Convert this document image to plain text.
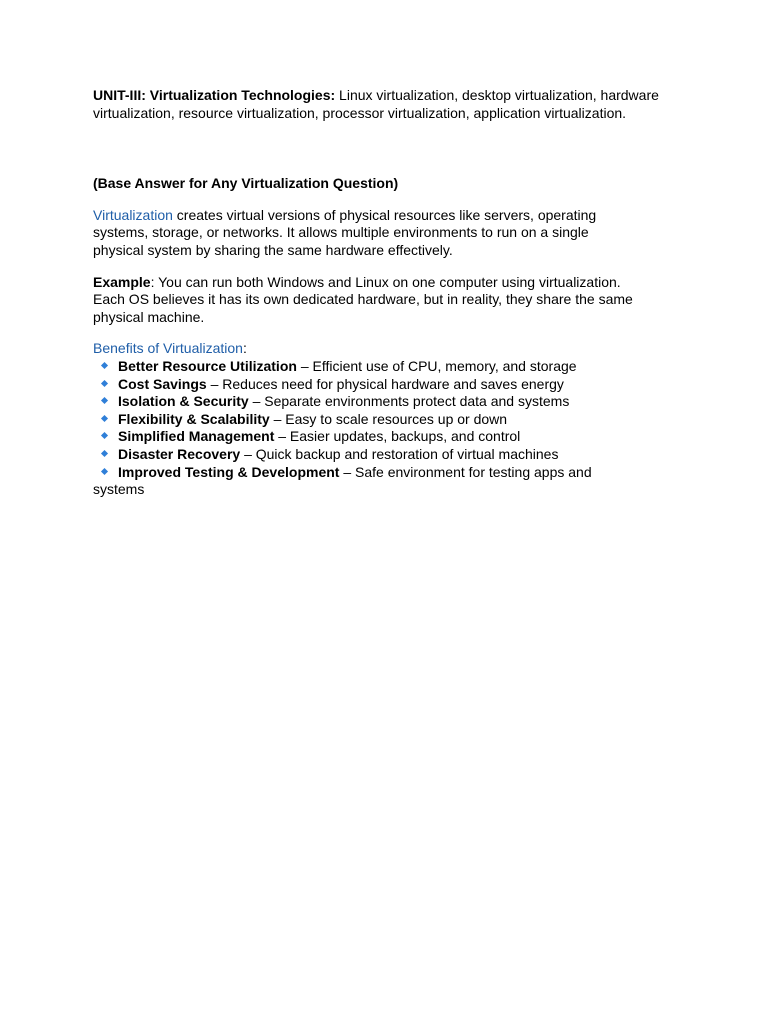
UNIT-III: Virtualization Technologies: Linux virtualization, desktop virtualization, hardware virtualization, resource virtualization, processor virtualization, application virtualization.

(Base Answer for Any Virtualization Question)

Virtualization creates virtual versions of physical resources like servers, operating systems, storage, or networks. It allows multiple environments to run on a single physical system by sharing the same hardware effectively.

Example: You can run both Windows and Linux on one computer using virtualization. Each OS believes it has its own dedicated hardware, but in reality, they share the same physical machine.

Benefits of Virtualization:

Better Resource Utilization – Efficient use of CPU, memory, and storage
Cost Savings – Reduces need for physical hardware and saves energy
Isolation & Security – Separate environments protect data and systems
Flexibility & Scalability – Easy to scale resources up or down
Simplified Management – Easier updates, backups, and control
Disaster Recovery – Quick backup and restoration of virtual machines
Improved Testing & Development – Safe environment for testing apps and
systems
